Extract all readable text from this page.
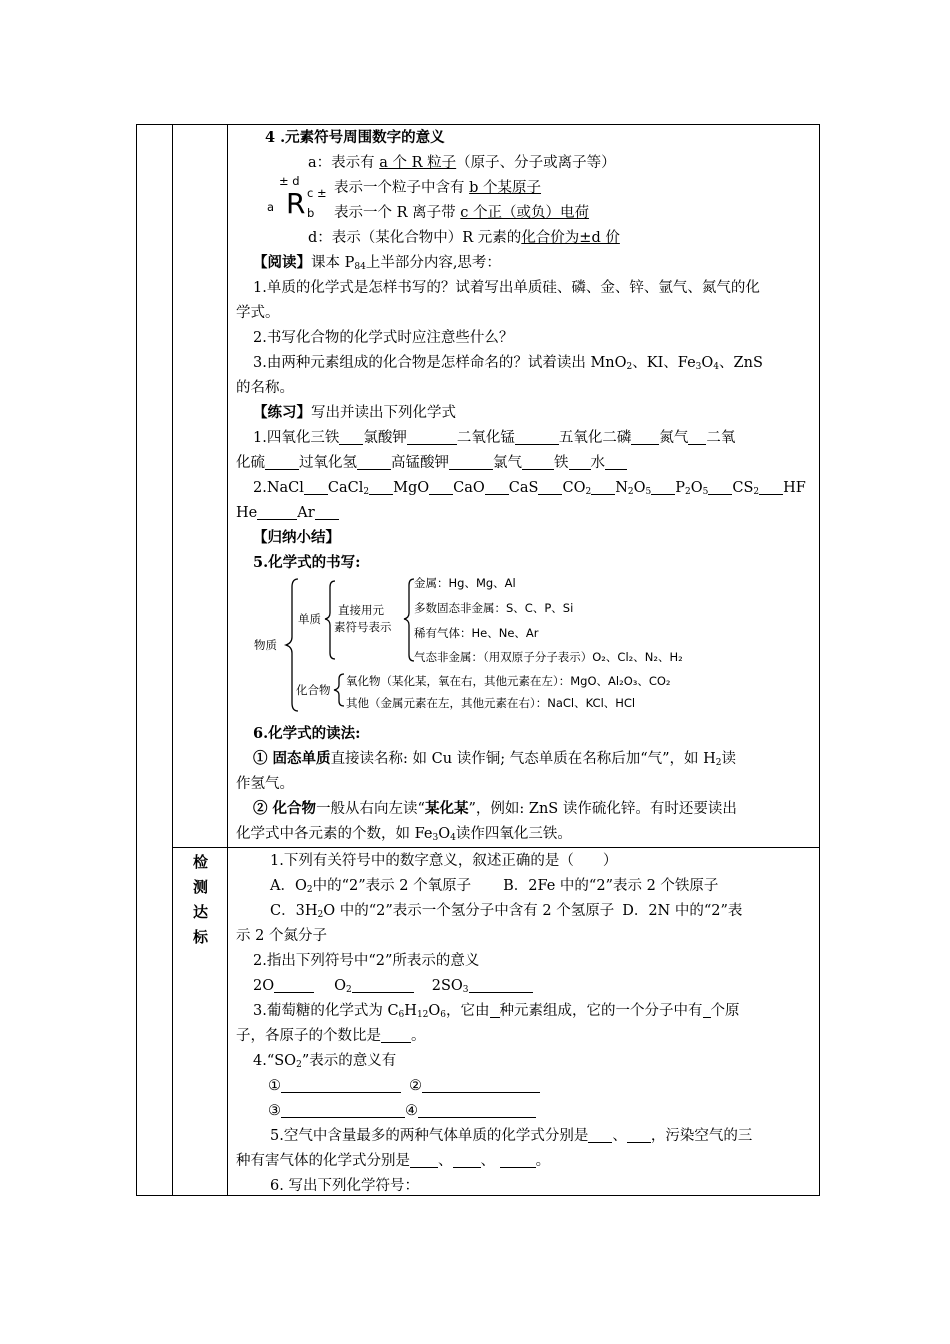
4 .元素符号周围数字的意义
a：表示有 a 个 R 粒子（原子、分子或离子等）
± d
R
a
c ±
b
表示一个粒子中含有 b 个某原子
表示一个 R 离子带 c 个正（或负）电荷
d：表示（某化合物中）R 元素的化合价为±d 价
【阅读】课本 $P_{84}$上半部分内容,思考：
1.单质的化学式是怎样书写的？试着写出单质硅、磷、金、锌、氩气、氮气的化
学式。
2.书写化合物的化学式时应注意些什么？
3.由两种元素组成的化合物是怎样命名的？试着读出 MnO$_2$、KI、$Fe_3O_4$、ZnS
的名称。
【练习】写出并读出下列化学式
1.四氧化三铁 氯酸钾	二氧化锰	五氧化二磷 氮气 二氧
化硫 过氧化氢 高锰酸钾	氯气 铁 水
2.NaCl CaCl$_2$ MgO CaO CaS $CO_2$ $N_2O_5$ $P_2O_5$ $CS_2$ HF
He	Ar
【归纳小结】
5.化学式的书写:
物质
单质
直接用元
素符号表示
金属：Hg、Mg、Al
多数固态非金属：S、C、P、Si
稀有气体：He、Ne、Ar
气态非金属：（用双原子分子表示）O₂、Cl₂、N₂、H₂
化合物
氧化物（某化某，氧在右，其他元素在左）：MgO、Al₂O₃、CO₂
其他（金属元素在左，其他元素在右）：NaCl、KCl、HCl
6.化学式的读法:
① 固态单质直接读名称: 如 Cu 读作铜; 气态单质在名称后加“气”，如 $H_2$读
作氢气。
② 化合物一般从右向左读“某化某”，例如: ZnS 读作硫化锌。有时还要读出
化学式中各元素的个数，如 $Fe_3O_4$读作四氧化三铁。
检
测
达
标
1.下列有关符号中的数字意义，叙述正确的是（　　）
A．$O_2$中的“2”表示 2 个氧原子 B．2Fe 中的“2”表示 2 个铁原子
C．$3H_2O$ 中的“2”表示一个氢分子中含有 2 个氢原子 D．2N 中的“2”表
示 2 个氮分子
2.指出下列符号中“2”所表示的意义
2O	$O_2$	$2SO_3$
3.葡萄糖的化学式为 $C_6H_{12}O_6$，它由 种元素组成，它的一个分子中有 个原
子，各原子的个数比是 。
$4.“SO_2$”表示的意义有
①	②
③	④
5.空气中含量最多的两种气体单质的化学式分别是 、 ，污染空气的三
种有害气体的化学式分别是 、 、 。
6. 写出下列化学符号：
